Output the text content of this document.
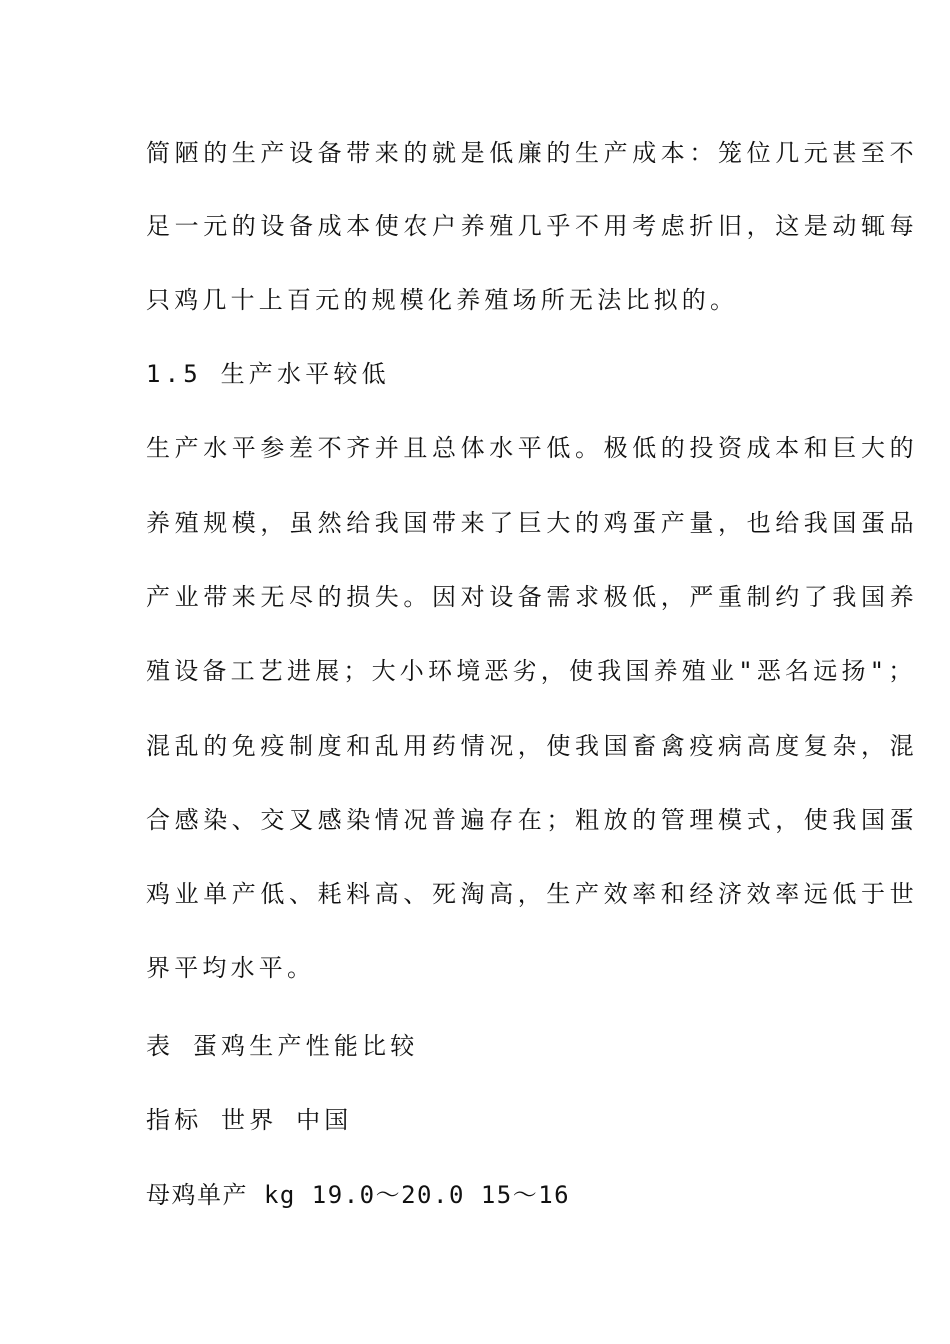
简陋的生产设备带来的就是低廉的生产成本：笼位几元甚至不
足一元的设备成本使农户养殖几乎不用考虑折旧，这是动辄每
只鸡几十上百元的规模化养殖场所无法比拟的。
1.5 生产水平较低
生产水平参差不齐并且总体水平低。极低的投资成本和巨大的
养殖规模，虽然给我国带来了巨大的鸡蛋产量，也给我国蛋品
产业带来无尽的损失。因对设备需求极低，严重制约了我国养
殖设备工艺进展；大小环境恶劣，使我国养殖业"恶名远扬"；
混乱的免疫制度和乱用药情况，使我国畜禽疫病高度复杂，混
合感染、交叉感染情况普遍存在；粗放的管理模式，使我国蛋
鸡业单产低、耗料高、死淘高，生产效率和经济效率远低于世
界平均水平。
表 蛋鸡生产性能比较
指标 世界 中国
母鸡单产 kg 19.0～20.0 15～16
